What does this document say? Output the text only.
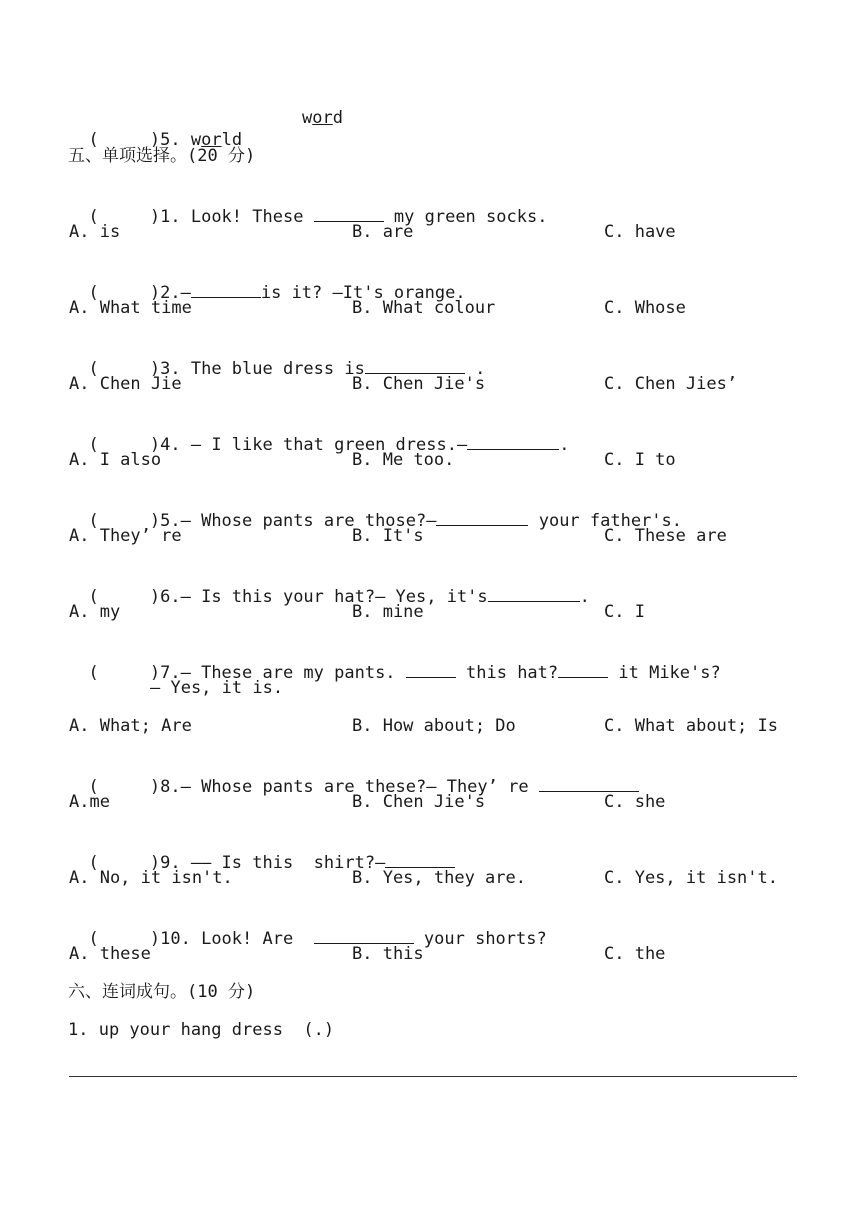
(     )5. world

word
五、单项选择。(20 分)

(     )1. Look! These	my green socks.

A. is	B. are	C. have

(     )2.—	is it? —It's orange.

A. What time	B. What colour	C. Whose

(     )3. The blue dress is	.

A. Chen Jie	B. Chen Jie's	C. Chen Jies’

(     )4. — I like that green dress.—	.

A. I also	B. Me too.	C. I to

(     )5.— Whose pants are those?—	your father's.

A. They’ re	B. It's	C. These are

(     )6.— Is this your hat?— Yes, it's	.

A. my	B. mine	C. I

(     )7.— These are my pants.	this hat?	it Mike's?

— Yes, it is.
A. What; Are	B. How about; Do	C. What about; Is

(     )8.— Whose pants are these?— They’ re

A.me	B. Chen Jie's	C. she

(     )9. —— Is this  shirt?—

A. No, it isn't.	B. Yes, they are.	C. Yes, it isn't.

(     )10. Look! Are	your shorts?

A. these	B. this	C. the
六、连词成句。(10 分)
1. up your hang dress  (.)
